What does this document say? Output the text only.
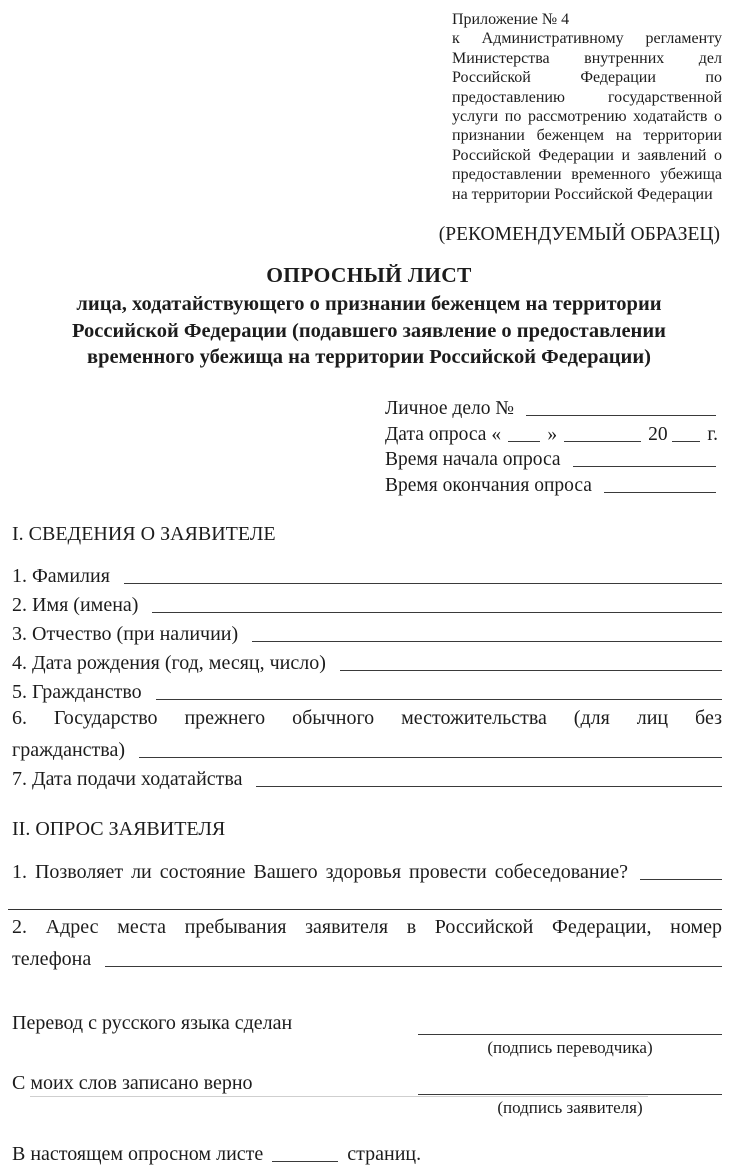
Приложение № 4
к Административному регламенту Министерства внутренних дел Российской Федерации по предоставлению государственной услуги по рассмотрению ходатайств о признании беженцем на территории Российской Федерации и заявлений о предоставлении временного убежища на территории Российской Федерации
(РЕКОМЕНДУЕМЫЙ ОБРАЗЕЦ)
ОПРОСНЫЙ ЛИСТ
лица, ходатайствующего о признании беженцем на территории
Российской Федерации (подавшего заявление о предоставлении
временного убежища на территории Российской Федерации)
Личное дело №
Дата опроса « »	20 г.
Время начала опроса
Время окончания опроса
I. СВЕДЕНИЯ О ЗАЯВИТЕЛЕ
1. Фамилия
2. Имя (имена)
3. Отчество (при наличии)
4. Дата рождения (год, месяц, число)
5. Гражданство
6. Государство прежнего обычного местожительства (для лиц без
гражданства)
7. Дата подачи ходатайства
II. ОПРОС ЗАЯВИТЕЛЯ
1. Позволяет ли состояние Вашего здоровья провести собеседование?
2. Адрес места пребывания заявителя в Российской Федерации, номер
телефона
Перевод с русского языка сделан
(подпись переводчика)
С моих слов записано верно
(подпись заявителя)
В настоящем опросном листе	страниц.
